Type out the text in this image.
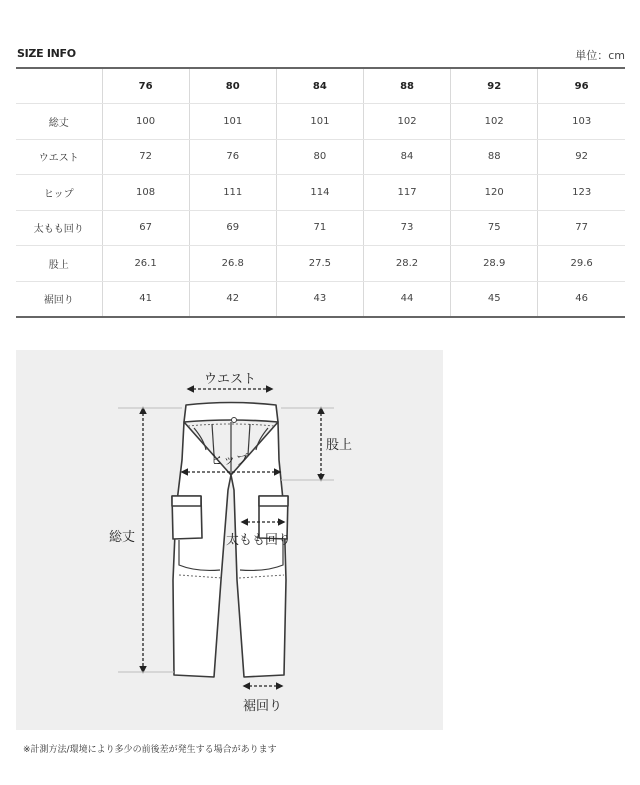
SIZE INFO	単位：cm
	76	80	84	88	92	96
総丈	100	101	101	102	102	103
ウエスト	72	76	80	84	88	92
ヒップ	108	111	114	117	120	123
太もも回り	67	69	71	73	75	77
股上	26.1	26.8	27.5	28.2	28.9	29.6
裾回り	41	42	43	44	45	46
ウエスト
ヒップ
股上
総丈	太もも回り
裾回り
※計測方法/環境により多少の前後差が発生する場合があります
